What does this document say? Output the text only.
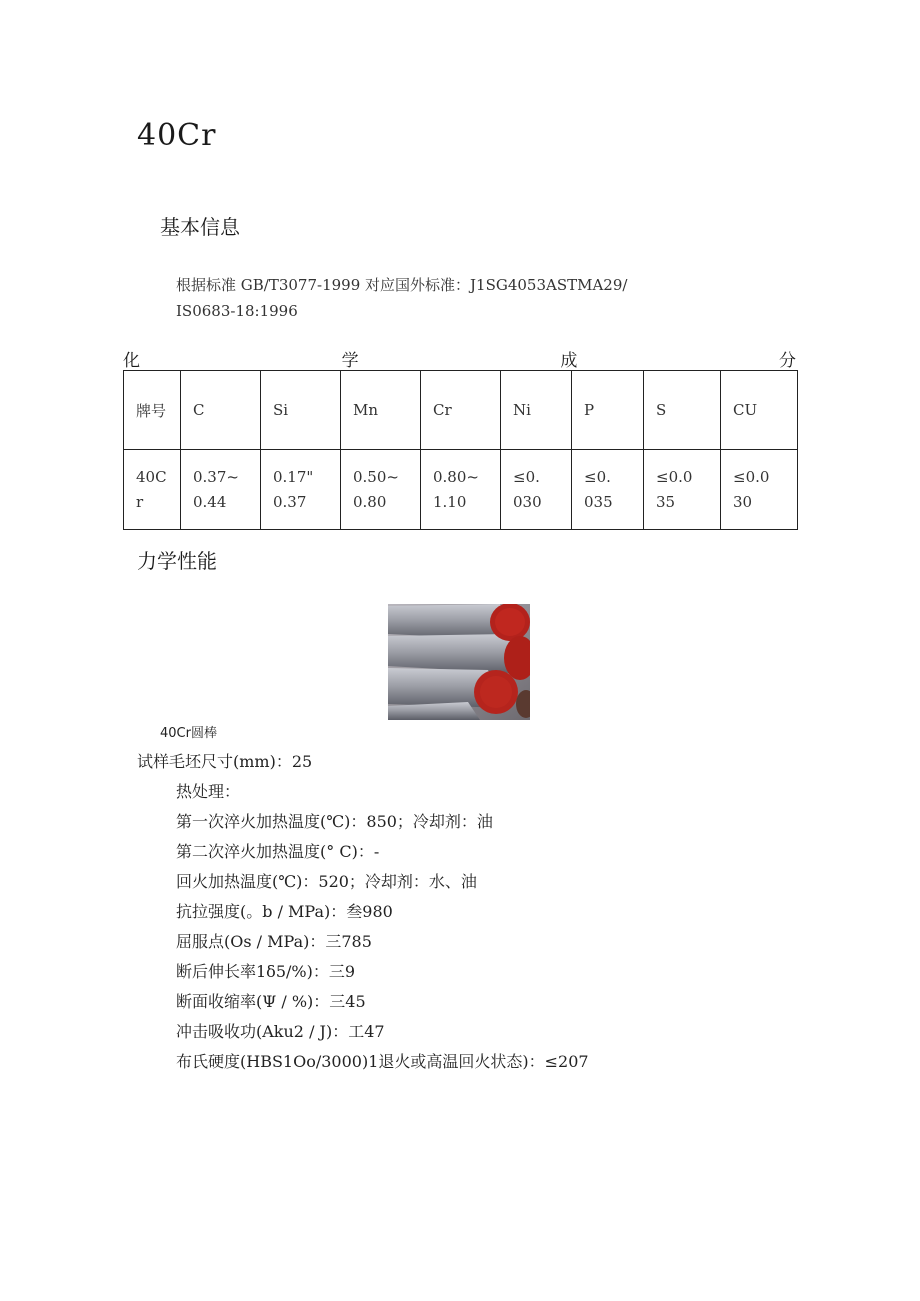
40Cr
基本信息
根据标准 GB/T3077-1999 对应国外标准：J1SG4053ASTMA29/
IS0683-18:1996
化	学	成	分
牌号	C	Si	Mn	Cr	Ni	P	S	CU
40C
r	0.37~
0.44	0.17"
0.37	0.50~
0.80	0.80~
1.10	≤0.
030	≤0.
035	≤0.0
35	≤0.0
30
力学性能
40Cr圆棒
试样毛坯尺寸(mm)：25
热处理：
第一次淬火加热温度(℃)：850；冷却剂：油
第二次淬火加热温度(° C)：-
回火加热温度(℃)：520；冷却剂：水、油
抗拉强度(。b / MPa)：叁980
屈服点(Os / MPa)：三785
断后伸长率1δ5/%)：三9
断面收缩率(Ψ / %)：三45
冲击吸收功(Aku2 / J)：工47
布氏硬度(HBS1Oo/3000)1退火或高温回火状态)：≤207
